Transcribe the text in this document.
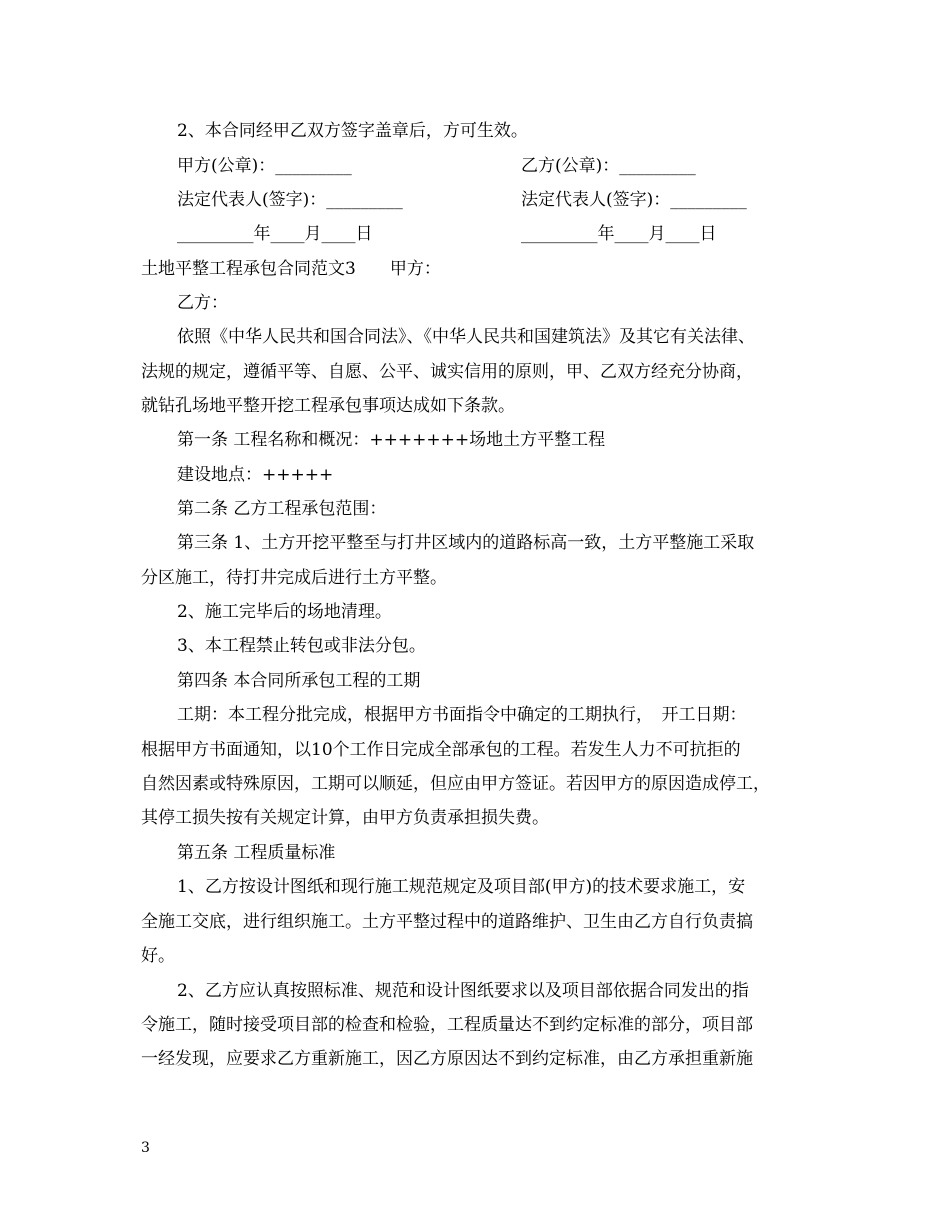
2、本合同经甲乙双方签字盖章后，方可生效。
甲方(公章)：_________	乙方(公章)：_________
法定代表人(签字)：_________	法定代表人(签字)：_________
_________年____月____日	_________年____月____日
土地平整工程承包合同范文3　　甲方：
乙方：
依照《中华人民共和国合同法》、《中华人民共和国建筑法》及其它有关法律、
法规的规定，遵循平等、自愿、公平、诚实信用的原则，甲、乙双方经充分协商，
就钻孔场地平整开挖工程承包事项达成如下条款。
第一条 工程名称和概况：+++++++场地土方平整工程
建设地点：+++++
第二条 乙方工程承包范围：
第三条 1、土方开挖平整至与打井区域内的道路标高一致，土方平整施工采取
分区施工，待打井完成后进行土方平整。
2、施工完毕后的场地清理。
3、本工程禁止转包或非法分包。
第四条 本合同所承包工程的工期
工期：本工程分批完成，根据甲方书面指令中确定的工期执行，　开工日期：
根据甲方书面通知，以10个工作日完成全部承包的工程。若发生人力不可抗拒的
自然因素或特殊原因，工期可以顺延，但应由甲方签证。若因甲方的原因造成停工，
其停工损失按有关规定计算，由甲方负责承担损失费。
第五条 工程质量标准
1、乙方按设计图纸和现行施工规范规定及项目部(甲方)的技术要求施工，安
全施工交底，进行组织施工。土方平整过程中的道路维护、卫生由乙方自行负责搞
好。
2、乙方应认真按照标准、规范和设计图纸要求以及项目部依据合同发出的指
令施工，随时接受项目部的检查和检验，工程质量达不到约定标准的部分，项目部
一经发现，应要求乙方重新施工，因乙方原因达不到约定标准，由乙方承担重新施
3
